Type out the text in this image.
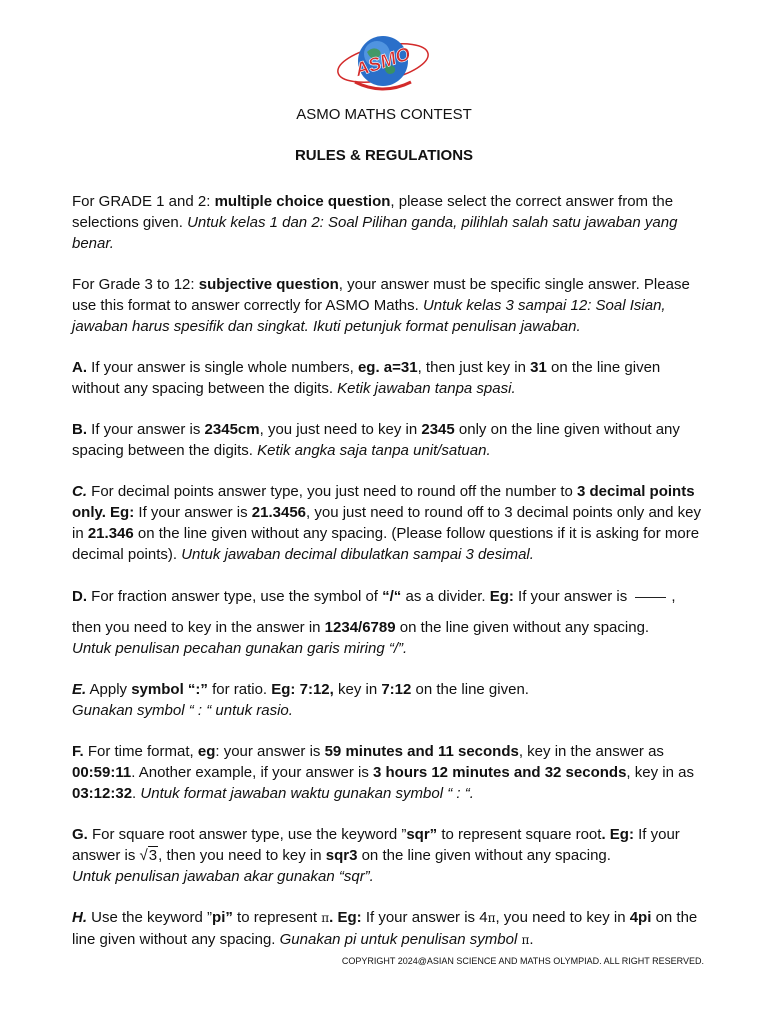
ASMO
ASMO MATHS CONTEST
RULES & REGULATIONS

For GRADE 1 and 2: multiple choice question, please select the correct answer from the selections given. Untuk kelas 1 dan 2: Soal Pilihan ganda, pilihlah salah satu jawaban yang benar.

For Grade 3 to 12: subjective question, your answer must be specific single answer. Please use this format to answer correctly for ASMO Maths. Untuk kelas 3 sampai 12: Soal Isian, jawaban harus spesifik dan singkat. Ikuti petunjuk format penulisan jawaban.

A. If your answer is single whole numbers, eg. a=31, then just key in 31 on the line given without any spacing between the digits. Ketik jawaban tanpa spasi.

B. If your answer is 2345cm, you just need to key in 2345 only on the line given without any spacing between the digits. Ketik angka saja tanpa unit/satuan.

C. For decimal points answer type, you just need to round off the number to 3 decimal points only. Eg: If your answer is 21.3456, you just need to round off to 3 decimal points only and key in 21.346 on the line given without any spacing. (Please follow questions if it is asking for more decimal points). Untuk jawaban decimal dibulatkan sampai 3 desimal.

D. For fraction answer type, use the symbol of “/“ as a divider. Eg: If your answer is	,

then you need to key in the answer in 1234/6789 on the line given without any spacing.
Untuk penulisan pecahan gunakan garis miring “/”.

E. Apply symbol “:” for ratio. Eg: 7:12, key in 7:12 on the line given.
Gunakan symbol “ : “ untuk rasio.

F. For time format, eg: your answer is 59 minutes and 11 seconds, key in the answer as 00:59:11. Another example, if your answer is 3 hours 12 minutes and 32 seconds, key in as 03:12:32. Untuk format jawaban waktu gunakan symbol “ : “.

G. For square root answer type, use the keyword ”sqr” to represent square root. Eg: If your answer is √3, then you need to key in sqr3 on the line given without any spacing.
Untuk penulisan jawaban akar gunakan “sqr”.

H. Use the keyword ”pi” to represent π. Eg: If your answer is 4π, you need to key in 4pi on the line given without any spacing. Gunakan pi untuk penulisan symbol π.

COPYRIGHT 2024@ASIAN SCIENCE AND MATHS OLYMPIAD. ALL RIGHT RESERVED.
